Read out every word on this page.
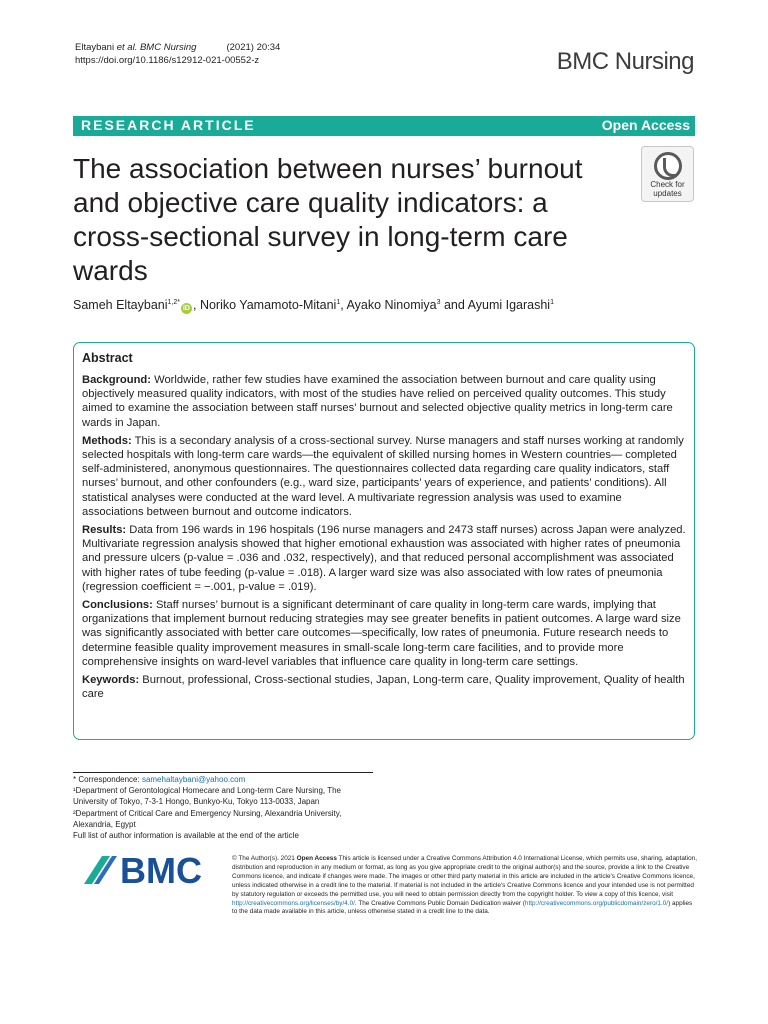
Eltaybani et al. BMC Nursing	(2021) 20:34
https://doi.org/10.1186/s12912-021-00552-z	BMC Nursing
RESEARCH ARTICLE	Open Access
The association between nurses’ burnout and objective care quality indicators: a cross-sectional survey in long-term care wards
Check for
updates
Sameh Eltaybani$^{1,2*}$iD , Noriko Yamamoto-Mitani$^1$, Ayako Ninomiya$^3$ and Ayumi Igarashi$^1$
Abstract

Background: Worldwide, rather few studies have examined the association between burnout and care quality using objectively measured quality indicators, with most of the studies have relied on perceived quality outcomes. This study aimed to examine the association between staff nurses’ burnout and selected objective quality metrics in long-term care wards in Japan.

Methods: This is a secondary analysis of a cross-sectional survey. Nurse managers and staff nurses working at randomly selected hospitals with long-term care wards—the equivalent of skilled nursing homes in Western countries— completed self-administered, anonymous questionnaires. The questionnaires collected data regarding care quality indicators, staff nurses’ burnout, and other confounders (e.g., ward size, participants’ years of experience, and patients’ conditions). All statistical analyses were conducted at the ward level. A multivariate regression analysis was used to examine associations between burnout and outcome indicators.

Results: Data from 196 wards in 196 hospitals (196 nurse managers and 2473 staff nurses) across Japan were analyzed. Multivariate regression analysis showed that higher emotional exhaustion was associated with higher rates of pneumonia and pressure ulcers (p-value = .036 and .032, respectively), and that reduced personal accomplishment was associated with higher rates of tube feeding (p-value = .018). A larger ward size was also associated with low rates of pneumonia (regression coefficient = −.001, p-value = .019).

Conclusions: Staff nurses’ burnout is a significant determinant of care quality in long-term care wards, implying that organizations that implement burnout reducing strategies may see greater benefits in patient outcomes. A large ward size was significantly associated with better care outcomes—specifically, low rates of pneumonia. Future research needs to determine feasible quality improvement measures in small-scale long-term care facilities, and to provide more comprehensive insights on ward-level variables that influence care quality in long-term care settings.

Keywords: Burnout, professional, Cross-sectional studies, Japan, Long-term care, Quality improvement, Quality of health care

* Correspondence: samehaltaybani@yahoo.com
¹Department of Gerontological Homecare and Long-term Care Nursing, The University of Tokyo, 7-3-1 Hongo, Bunkyo-Ku, Tokyo 113-0033, Japan
²Department of Critical Care and Emergency Nursing, Alexandria University, Alexandria, Egypt
Full list of author information is available at the end of the article
BMC	© The Author(s). 2021 Open Access This article is licensed under a Creative Commons Attribution 4.0 International License, which permits use, sharing, adaptation, distribution and reproduction in any medium or format, as long as you give appropriate credit to the original author(s) and the source, provide a link to the Creative Commons licence, and indicate if changes were made. The images or other third party material in this article are included in the article's Creative Commons licence, unless indicated otherwise in a credit line to the material. If material is not included in the article's Creative Commons licence and your intended use is not permitted by statutory regulation or exceeds the permitted use, you will need to obtain permission directly from the copyright holder. To view a copy of this licence, visit http://creativecommons.org/licenses/by/4.0/. The Creative Commons Public Domain Dedication waiver (http://creativecommons.org/publicdomain/zero/1.0/) applies to the data made available in this article, unless otherwise stated in a credit line to the data.
